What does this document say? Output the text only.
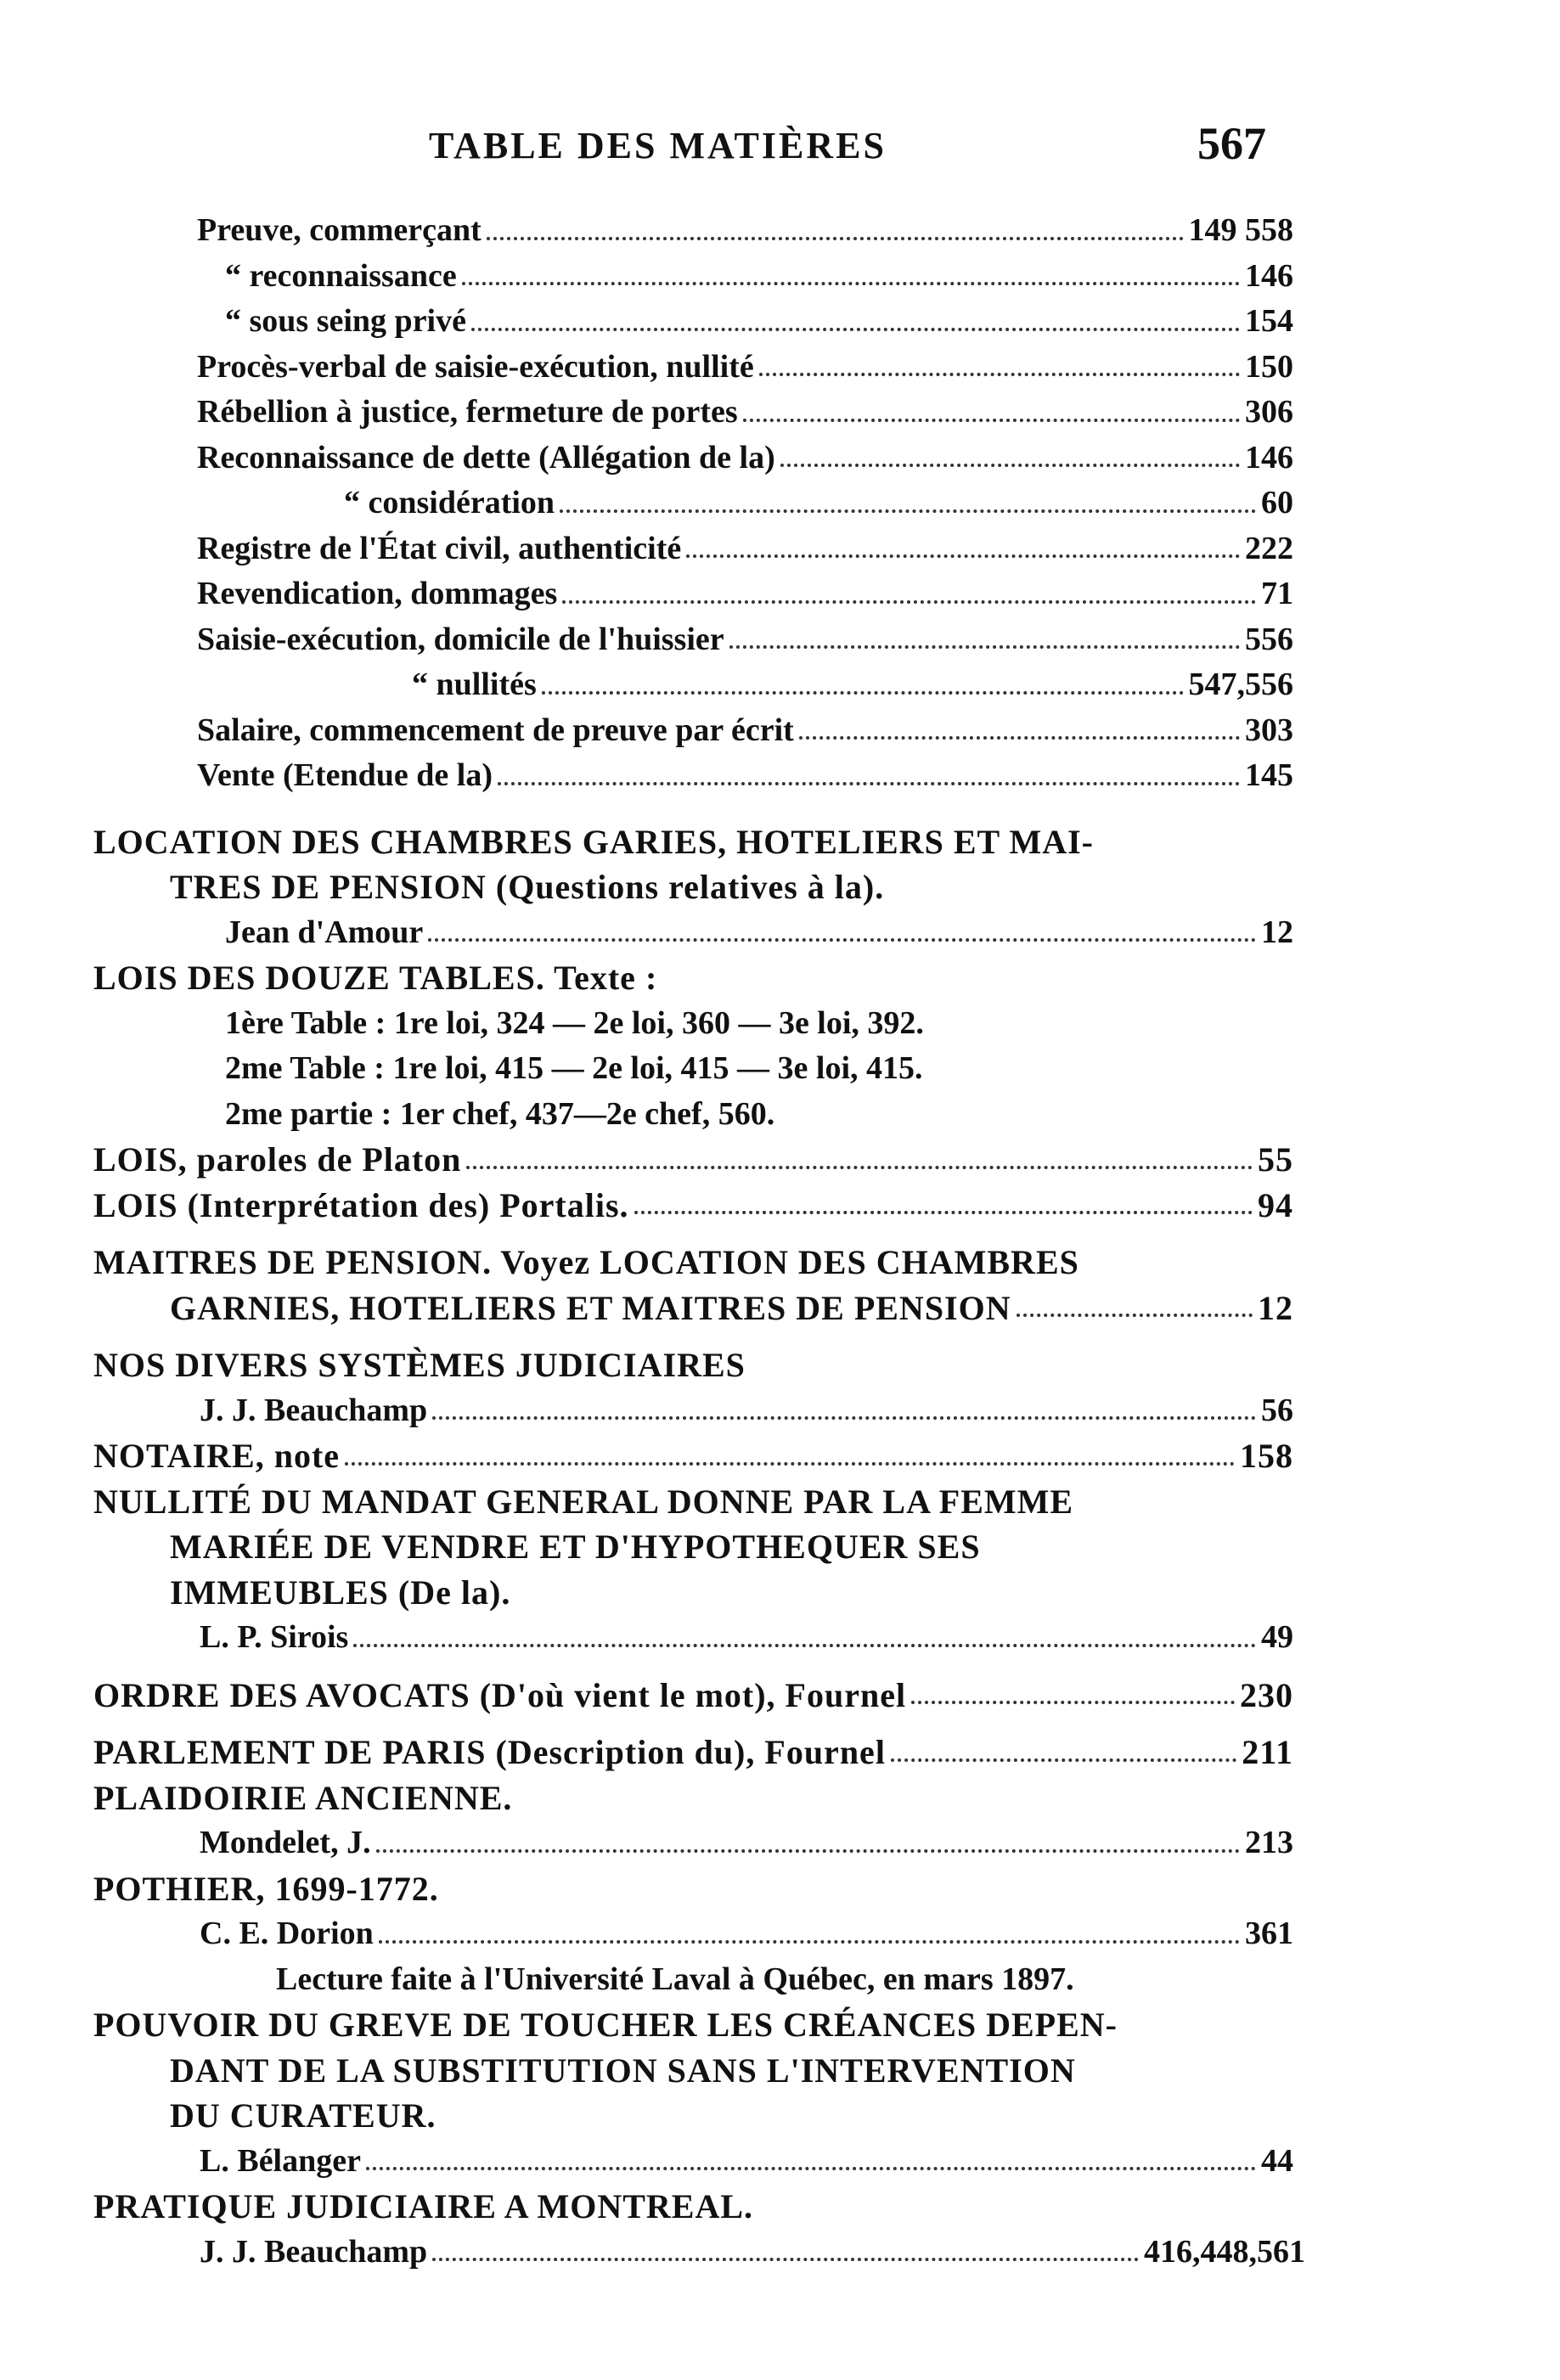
TABLE DES MATIÈRES	567
Preuve, commerçant	149 558
“ reconnaissance	146
“ sous seing privé	154
Procès-verbal de saisie-exécution, nullité	150
Rébellion à justice, fermeture de portes	306
Reconnaissance de dette (Allégation de la)	146
“ considération	60
Registre de l'État civil, authenticité	222
Revendication, dommages	71
Saisie-exécution, domicile de l'huissier	556
“ nullités	547,556
Salaire, commencement de preuve par écrit	303
Vente (Etendue de la)	145
LOCATION DES CHAMBRES GARIES, HOTELIERS ET MAI-
TRES DE PENSION (Questions relatives à la).
Jean d'Amour	12
LOIS DES DOUZE TABLES. Texte :
1ère Table : 1re loi, 324 — 2e loi, 360 — 3e loi, 392.
2me Table : 1re loi, 415 — 2e loi, 415 — 3e loi, 415.
2me partie : 1er chef, 437—2e chef, 560.
LOIS, paroles de Platon	55
LOIS (Interprétation des) Portalis.	94
MAITRES DE PENSION. Voyez LOCATION DES CHAMBRES
GARNIES, HOTELIERS ET MAITRES DE PENSION	12
NOS DIVERS SYSTÈMES JUDICIAIRES
J. J. Beauchamp	56
NOTAIRE, note	158
NULLITÉ DU MANDAT GENERAL DONNE PAR LA FEMME
MARIÉE DE VENDRE ET D'HYPOTHEQUER SES
IMMEUBLES (De la).
L. P. Sirois	49
ORDRE DES AVOCATS (D'où vient le mot), Fournel	230
PARLEMENT DE PARIS (Description du), Fournel	211
PLAIDOIRIE ANCIENNE.
Mondelet, J.	213
POTHIER, 1699-1772.
C. E. Dorion	361
Lecture faite à l'Université Laval à Québec, en mars 1897.
POUVOIR DU GREVE DE TOUCHER LES CRÉANCES DEPEN-
DANT DE LA SUBSTITUTION SANS L'INTERVENTION
DU CURATEUR.
L. Bélanger	44
PRATIQUE JUDICIAIRE A MONTREAL.
J. J. Beauchamp	416,448,561
